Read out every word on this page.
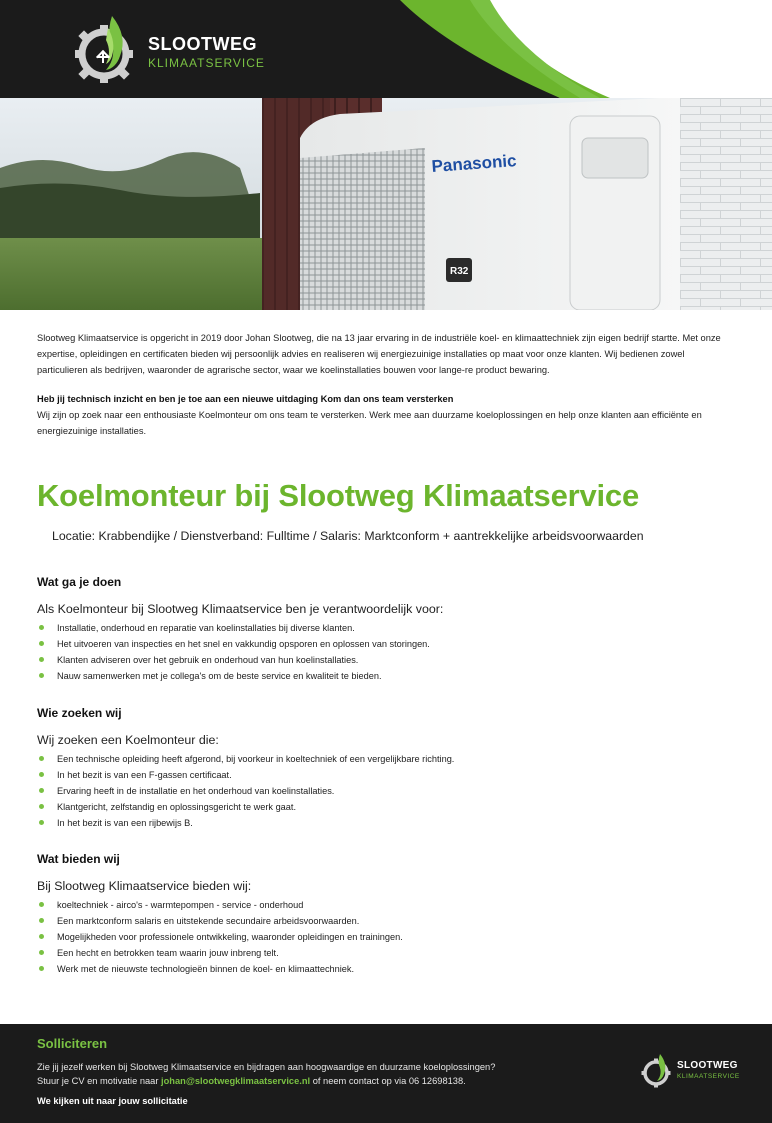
SLOOTWEG
KLIMAATSERVICE
Panasonic
R32

Slootweg Klimaatservice is opgericht in 2019 door Johan Slootweg, die na 13 jaar ervaring in de industriële koel- en klimaattechniek zijn eigen bedrijf startte. Met onze expertise, opleidingen en certificaten bieden wij persoonlijk advies en realiseren wij energiezuinige installaties op maat voor onze klanten. Wij bedienen zowel particulieren als bedrijven, waaronder de agrarische sector, waar we koelinstallaties bouwen voor lange-re product bewaring.

Heb jij technisch inzicht en ben je toe aan een nieuwe uitdaging Kom dan ons team versterken

Wij zijn op zoek naar een enthousiaste Koelmonteur om ons team te versterken. Werk mee aan duurzame koeloplossingen en help onze klanten aan efficiënte en energiezuinige installaties.

Koelmonteur bij Slootweg Klimaatservice

Locatie: Krabbendijke / Dienstverband: Fulltime / Salaris: Marktconform + aantrekkelijke arbeidsvoorwaarden

Wat ga je doen

Als Koelmonteur bij Slootweg Klimaatservice ben je verantwoordelijk voor:

Installatie, onderhoud en reparatie van koelinstallaties bij diverse klanten.
Het uitvoeren van inspecties en het snel en vakkundig opsporen en oplossen van storingen.
Klanten adviseren over het gebruik en onderhoud van hun koelinstallaties.
Nauw samenwerken met je collega's om de beste service en kwaliteit te bieden.
Wie zoeken wij

Wij zoeken een Koelmonteur die:

Een technische opleiding heeft afgerond, bij voorkeur in koeltechniek of een vergelijkbare richting.
In het bezit is van een F-gassen certificaat.
Ervaring heeft in de installatie en het onderhoud van koelinstallaties.
Klantgericht, zelfstandig en oplossingsgericht te werk gaat.
In het bezit is van een rijbewijs B.
Wat bieden wij

Bij Slootweg Klimaatservice bieden wij:

koeltechniek - airco's - warmtepompen - service - onderhoud
Een marktconform salaris en uitstekende secundaire arbeidsvoorwaarden.
Mogelijkheden voor professionele ontwikkeling, waaronder opleidingen en trainingen.
Een hecht en betrokken team waarin jouw inbreng telt.
Werk met de nieuwste technologieën binnen de koel- en klimaattechniek.
Solliciteren
Zie jij jezelf werken bij Slootweg Klimaatservice en bijdragen aan hoogwaardige en duurzame koeloplossingen?
Stuur je CV en motivatie naar johan@slootwegklimaatservice.nl of neem contact op via 06 12698138.
We kijken uit naar jouw sollicitatie
SLOOTWEG
KLIMAATSERVICE
